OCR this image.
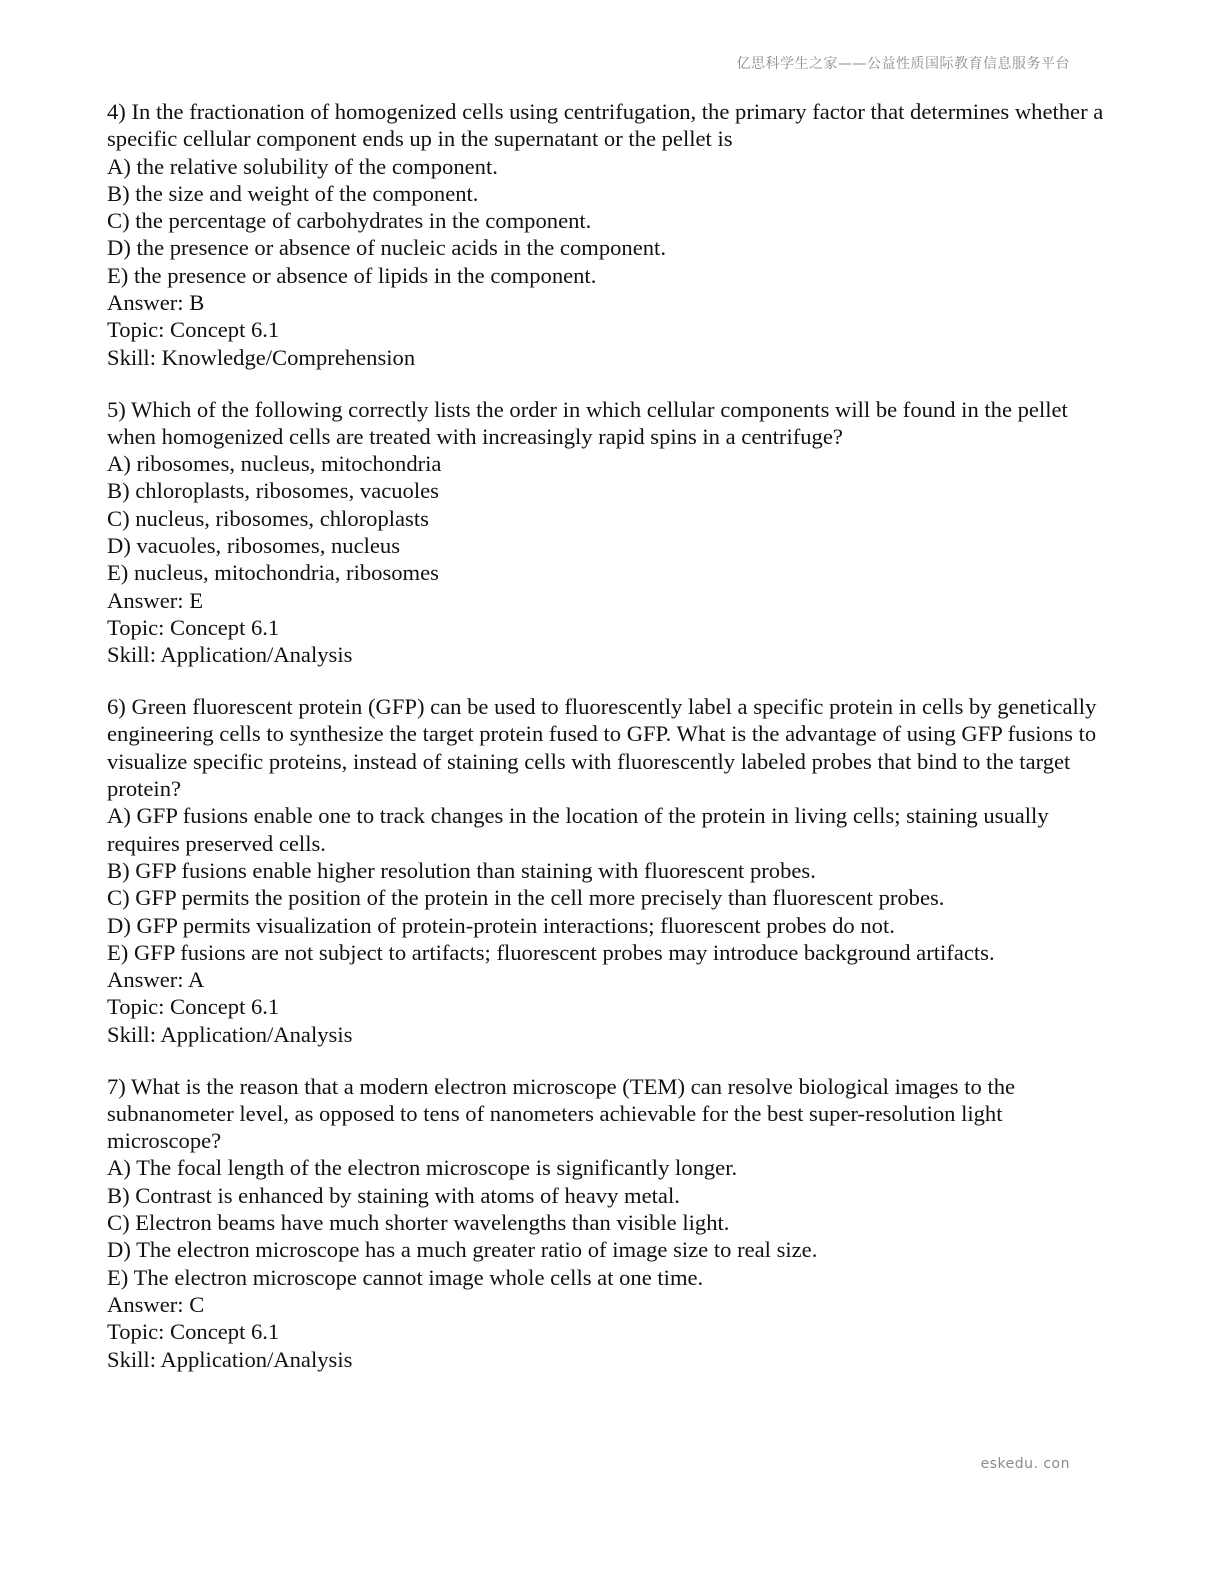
亿思科学生之家——公益性质国际教育信息服务平台

4) In the fractionation of homogenized cells using centrifugation, the primary factor that determines whether a specific cellular component ends up in the supernatant or the pellet is

A) the relative solubility of the component.

B) the size and weight of the component.

C) the percentage of carbohydrates in the component.

D) the presence or absence of nucleic acids in the component.

E) the presence or absence of lipids in the component.

Answer: B

Topic: Concept 6.1

Skill: Knowledge/Comprehension

5) Which of the following correctly lists the order in which cellular components will be found in the pellet when homogenized cells are treated with increasingly rapid spins in a centrifuge?

A) ribosomes, nucleus, mitochondria

B) chloroplasts, ribosomes, vacuoles

C) nucleus, ribosomes, chloroplasts

D) vacuoles, ribosomes, nucleus

E) nucleus, mitochondria, ribosomes

Answer: E

Topic: Concept 6.1

Skill: Application/Analysis

6) Green fluorescent protein (GFP) can be used to fluorescently label a specific protein in cells by genetically engineering cells to synthesize the target protein fused to GFP. What is the advantage of using GFP fusions to visualize specific proteins, instead of staining cells with fluorescently labeled probes that bind to the target protein?

A) GFP fusions enable one to track changes in the location of the protein in living cells; staining usually requires preserved cells.

B) GFP fusions enable higher resolution than staining with fluorescent probes.

C) GFP permits the position of the protein in the cell more precisely than fluorescent probes.

D) GFP permits visualization of protein-protein interactions; fluorescent probes do not.

E) GFP fusions are not subject to artifacts; fluorescent probes may introduce background artifacts.

Answer: A

Topic: Concept 6.1

Skill: Application/Analysis

7) What is the reason that a modern electron microscope (TEM) can resolve biological images to the subnanometer level, as opposed to tens of nanometers achievable for the best super-resolution light microscope?

A) The focal length of the electron microscope is significantly longer.

B) Contrast is enhanced by staining with atoms of heavy metal.

C) Electron beams have much shorter wavelengths than visible light.

D) The electron microscope has a much greater ratio of image size to real size.

E) The electron microscope cannot image whole cells at one time.

Answer: C

Topic: Concept 6.1

Skill: Application/Analysis

eskedu. con
